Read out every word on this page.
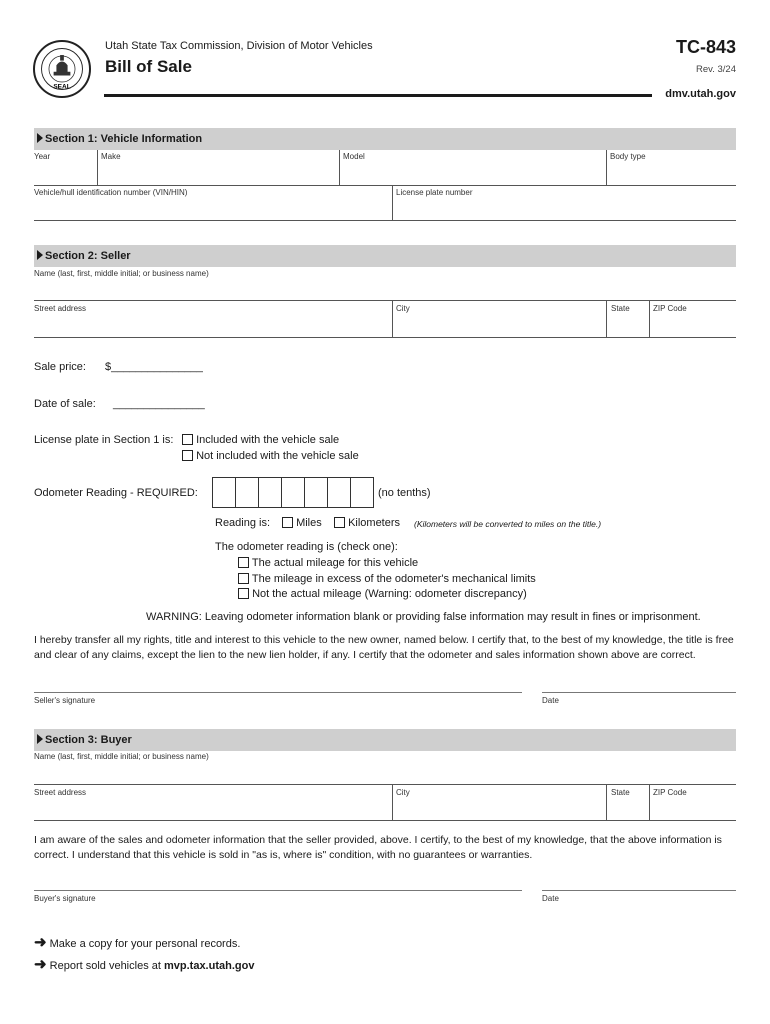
SEAL
Utah State Tax Commission, Division of Motor Vehicles
Bill of Sale
TC-843
Rev. 3/24
dmv.utah.gov
Section 1: Vehicle Information
Year	Make	Model	Body type
Vehicle/hull identification number (VIN/HIN)	License plate number
Section 2: Seller
Name (last, first, middle initial; or business name)
Street address	City	State	ZIP Code
Sale price: $_______________
Date of sale: _______________
License plate in Section 1 is:	Included with the vehicle sale
Not included with the vehicle sale
Odometer Reading - REQUIRED:	(no tenths)
Reading is:	Miles	Kilometers (Kilometers will be converted to miles on the title.)
The odometer reading is (check one):
The actual mileage for this vehicle
The mileage in excess of the odometer's mechanical limits
Not the actual mileage (Warning: odometer discrepancy)
WARNING: Leaving odometer information blank or providing false information may result in fines or imprisonment.
I hereby transfer all my rights, title and interest to this vehicle to the new owner, named below. I certify that, to the best of my knowledge, the title is free and clear of any claims, except the lien to the new lien holder, if any. I certify that the odometer and sales information shown above are correct.
Seller's signature	Date
Section 3: Buyer
Name (last, first, middle initial; or business name)
Street address	City	State	ZIP Code
I am aware of the sales and odometer information that the seller provided, above. I certify, to the best of my knowledge, that the above information is correct. I understand that this vehicle is sold in "as is, where is" condition, with no guarantees or warranties.
Buyer's signature	Date
➜ Make a copy for your personal records.
➜ Report sold vehicles at mvp.tax.utah.gov
